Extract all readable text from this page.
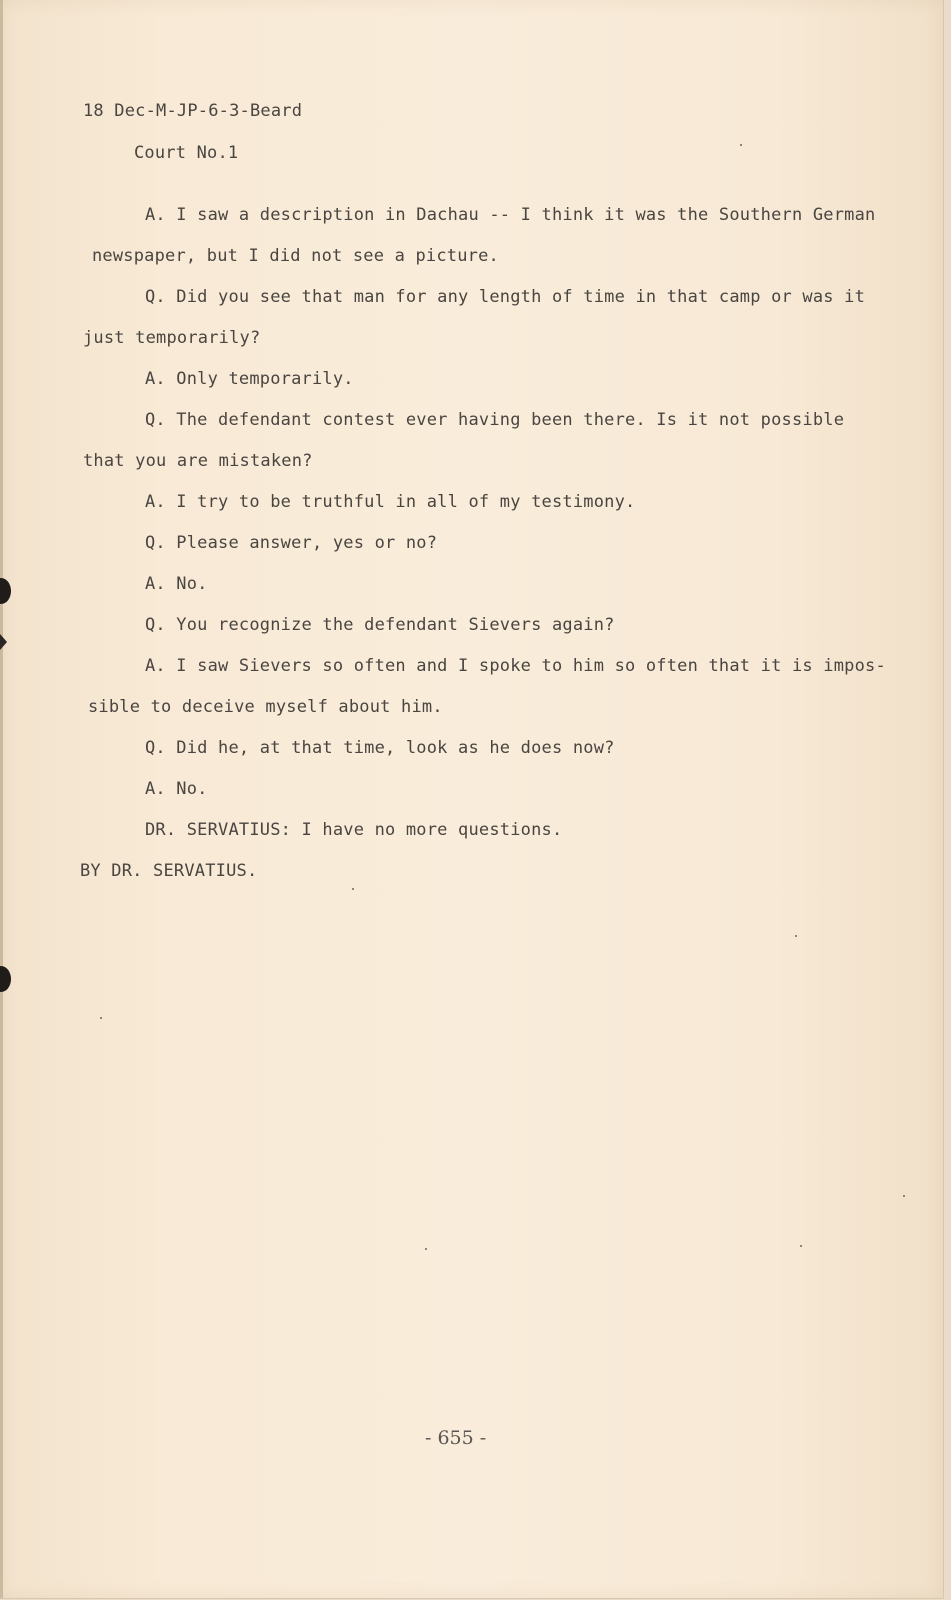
18 Dec-M-JP-6-3-Beard

Court No.1

A. I saw a description in Dachau -- I think it was the Southern German

newspaper, but I did not see a picture.

Q. Did you see that man for any length of time in that camp or was it

just temporarily?

A. Only temporarily.

Q. The defendant contest ever having been there. Is it not possible

that you are mistaken?

A. I try to be truthful in all of my testimony.

Q. Please answer, yes or no?

A. No.

Q. You recognize the defendant Sievers again?

A. I saw Sievers so often and I spoke to him so often that it is impos-

sible to deceive myself about him.

Q. Did he, at that time, look as he does now?

A. No.

DR. SERVATIUS: I have no more questions.

BY DR. SERVATIUS.

- 655 -
